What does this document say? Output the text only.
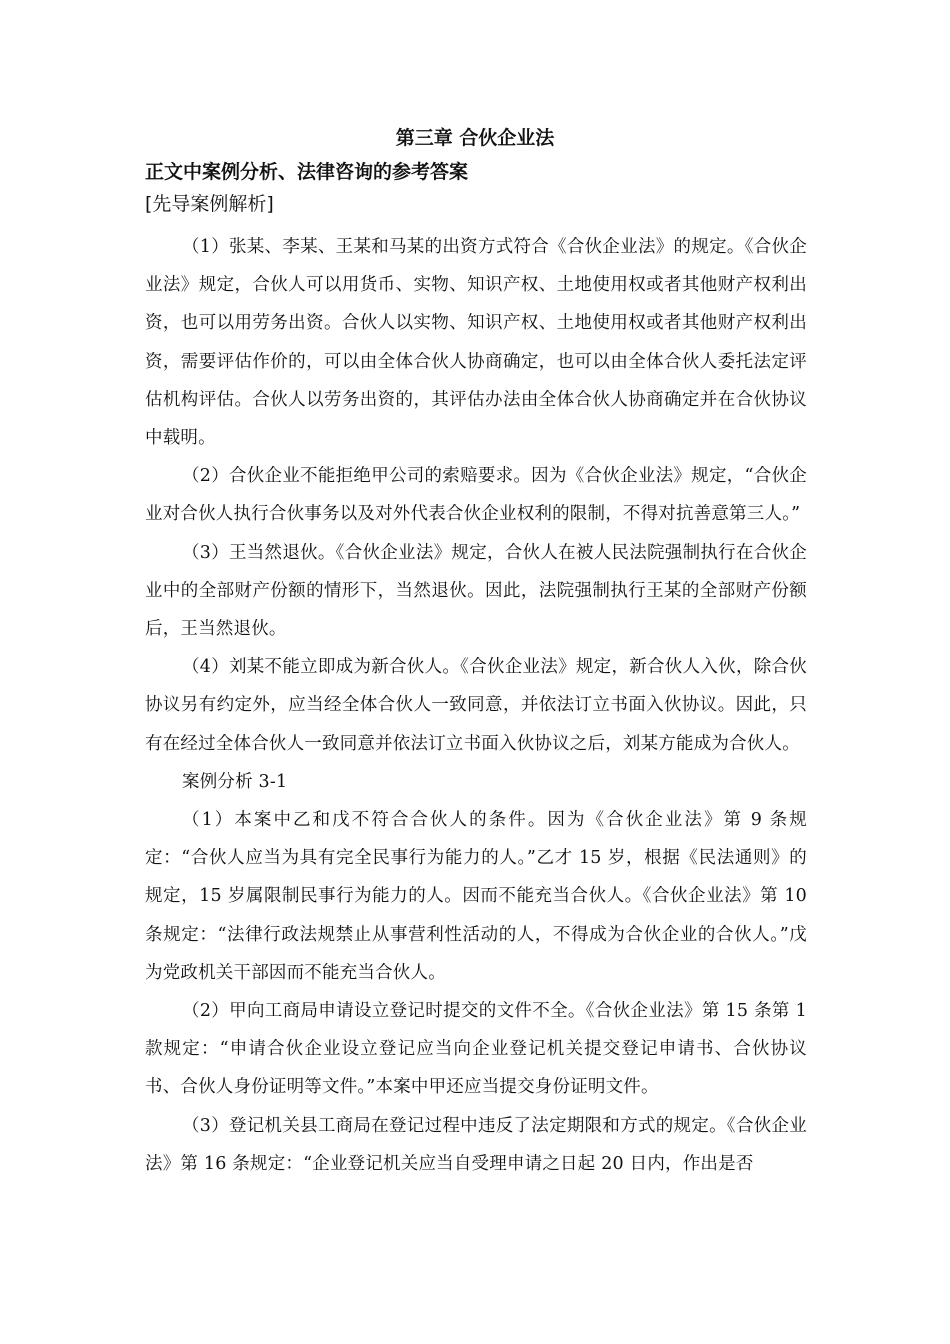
第三章 合伙企业法
正文中案例分析、法律咨询的参考答案
[先导案例解析]

（1）张某、李某、王某和马某的出资方式符合《合伙企业法》的规定。《合伙企业法》规定，合伙人可以用货币、实物、知识产权、土地使用权或者其他财产权利出资，也可以用劳务出资。合伙人以实物、知识产权、土地使用权或者其他财产权利出资，需要评估作价的，可以由全体合伙人协商确定，也可以由全体合伙人委托法定评估机构评估。合伙人以劳务出资的，其评估办法由全体合伙人协商确定并在合伙协议中载明。

（2）合伙企业不能拒绝甲公司的索赔要求。因为《合伙企业法》规定，“合伙企业对合伙人执行合伙事务以及对外代表合伙企业权利的限制，不得对抗善意第三人。”

（3）王当然退伙。《合伙企业法》规定，合伙人在被人民法院强制执行在合伙企业中的全部财产份额的情形下，当然退伙。因此，法院强制执行王某的全部财产份额后，王当然退伙。

（4）刘某不能立即成为新合伙人。《合伙企业法》规定，新合伙人入伙，除合伙协议另有约定外，应当经全体合伙人一致同意，并依法订立书面入伙协议。因此，只有在经过全体合伙人一致同意并依法订立书面入伙协议之后，刘某方能成为合伙人。

案例分析 3-1

（1）本案中乙和戊不符合合伙人的条件。因为《合伙企业法》第 9 条规定：“合伙人应当为具有完全民事行为能力的人。”乙才 15 岁，根据《民法通则》的规定，15 岁属限制民事行为能力的人。因而不能充当合伙人。《合伙企业法》第 10 条规定：“法律行政法规禁止从事营利性活动的人，不得成为合伙企业的合伙人。”戊为党政机关干部因而不能充当合伙人。

（2）甲向工商局申请设立登记时提交的文件不全。《合伙企业法》第 15 条第 1 款规定：“申请合伙企业设立登记应当向企业登记机关提交登记申请书、合伙协议书、合伙人身份证明等文件。”本案中甲还应当提交身份证明文件。

（3）登记机关县工商局在登记过程中违反了法定期限和方式的规定。《合伙企业法》第 16 条规定：“企业登记机关应当自受理申请之日起 20 日内，作出是否
